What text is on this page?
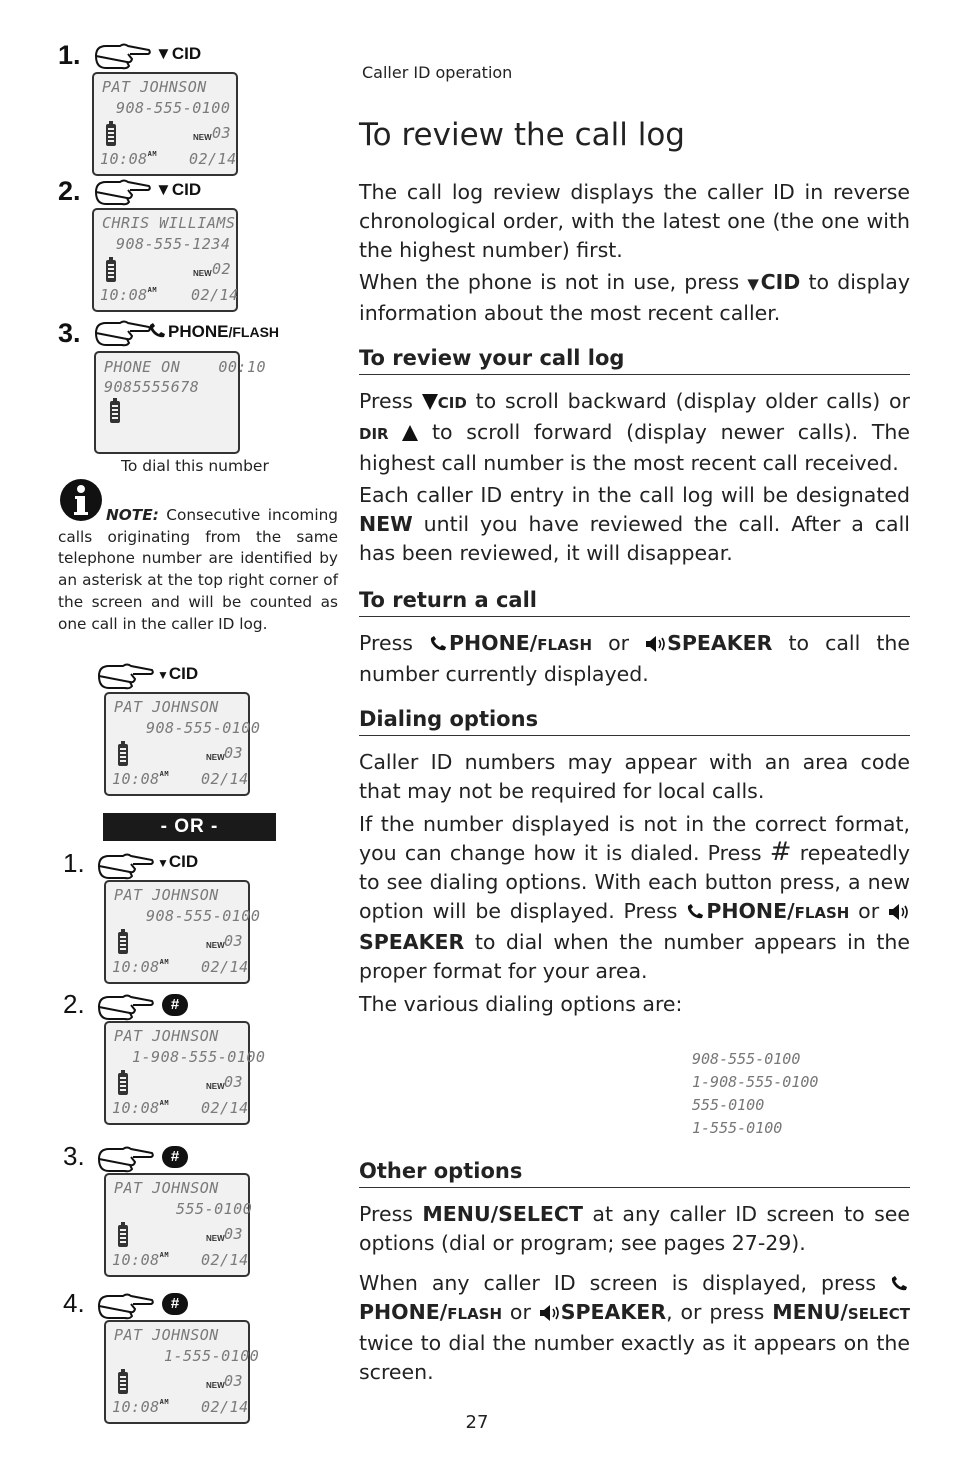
1.	▼CID
PAT JOHNSON
908-555-0100
NEW 03
$10:08^{AM}$ 02/14
2.	▼CID
CHRIS WILLIAMS
908-555-1234
NEW 02
$10:08^{AM}$ 02/14
3.	PHONE/FLASH
PHONE ON    00:10
9085555678
To dial this number
NOTE: Consecutive incoming calls originating from the same telephone number are identified by an asterisk at the top right corner of the screen and will be counted as one call in the caller ID log.
▼CID
PAT JOHNSON
908-555-0100
NEW 03
$10:08^{AM}$ 02/14
- OR -
1.	▼CID
PAT JOHNSON
908-555-0100
NEW 03
$10:08^{AM}$ 02/14
2.	#
PAT JOHNSON
1-908-555-0100
NEW 03
$10:08^{AM}$ 02/14
3.	#
PAT JOHNSON
555-0100
NEW 03
$10:08^{AM}$ 02/14
4.	#
PAT JOHNSON
1-555-0100
NEW 03
$10:08^{AM}$ 02/14
Caller ID operation
To review the call log

The call log review displays the caller ID in reverse chronological order, with the latest one (the one with the highest number) first.

When the phone is not in use, press ▼CID to display information about the most recent caller.

To review your call log

Press CID to scroll backward (display older calls) or DIR  to scroll forward (display newer calls). The highest call number is the most recent call received.

Each caller ID entry in the call log will be designated NEW until you have reviewed the call. After a call has been reviewed, it will disappear.

To return a call

Press PHONE/FLASH or SPEAKER to call the number currently displayed.

Dialing options

Caller ID numbers may appear with an area code that may not be required for local calls.

If the number displayed is not in the correct format, you can change how it is dialed. Press # repeatedly to see dialing options. With each button press, a new option will be displayed. Press PHONE/FLASH or SPEAKER to dial when the number appears in the proper format for your area.

The various dialing options are:

908-555-0100
1-908-555-0100
555-0100
1-555-0100
Other options

Press MENU/SELECT at any caller ID screen to see options (dial or program; see pages 27-29).

When any caller ID screen is displayed, press PHONE/FLASH or SPEAKER, or press MENU/SELECT twice to dial the number exactly as it appears on the screen.

27
